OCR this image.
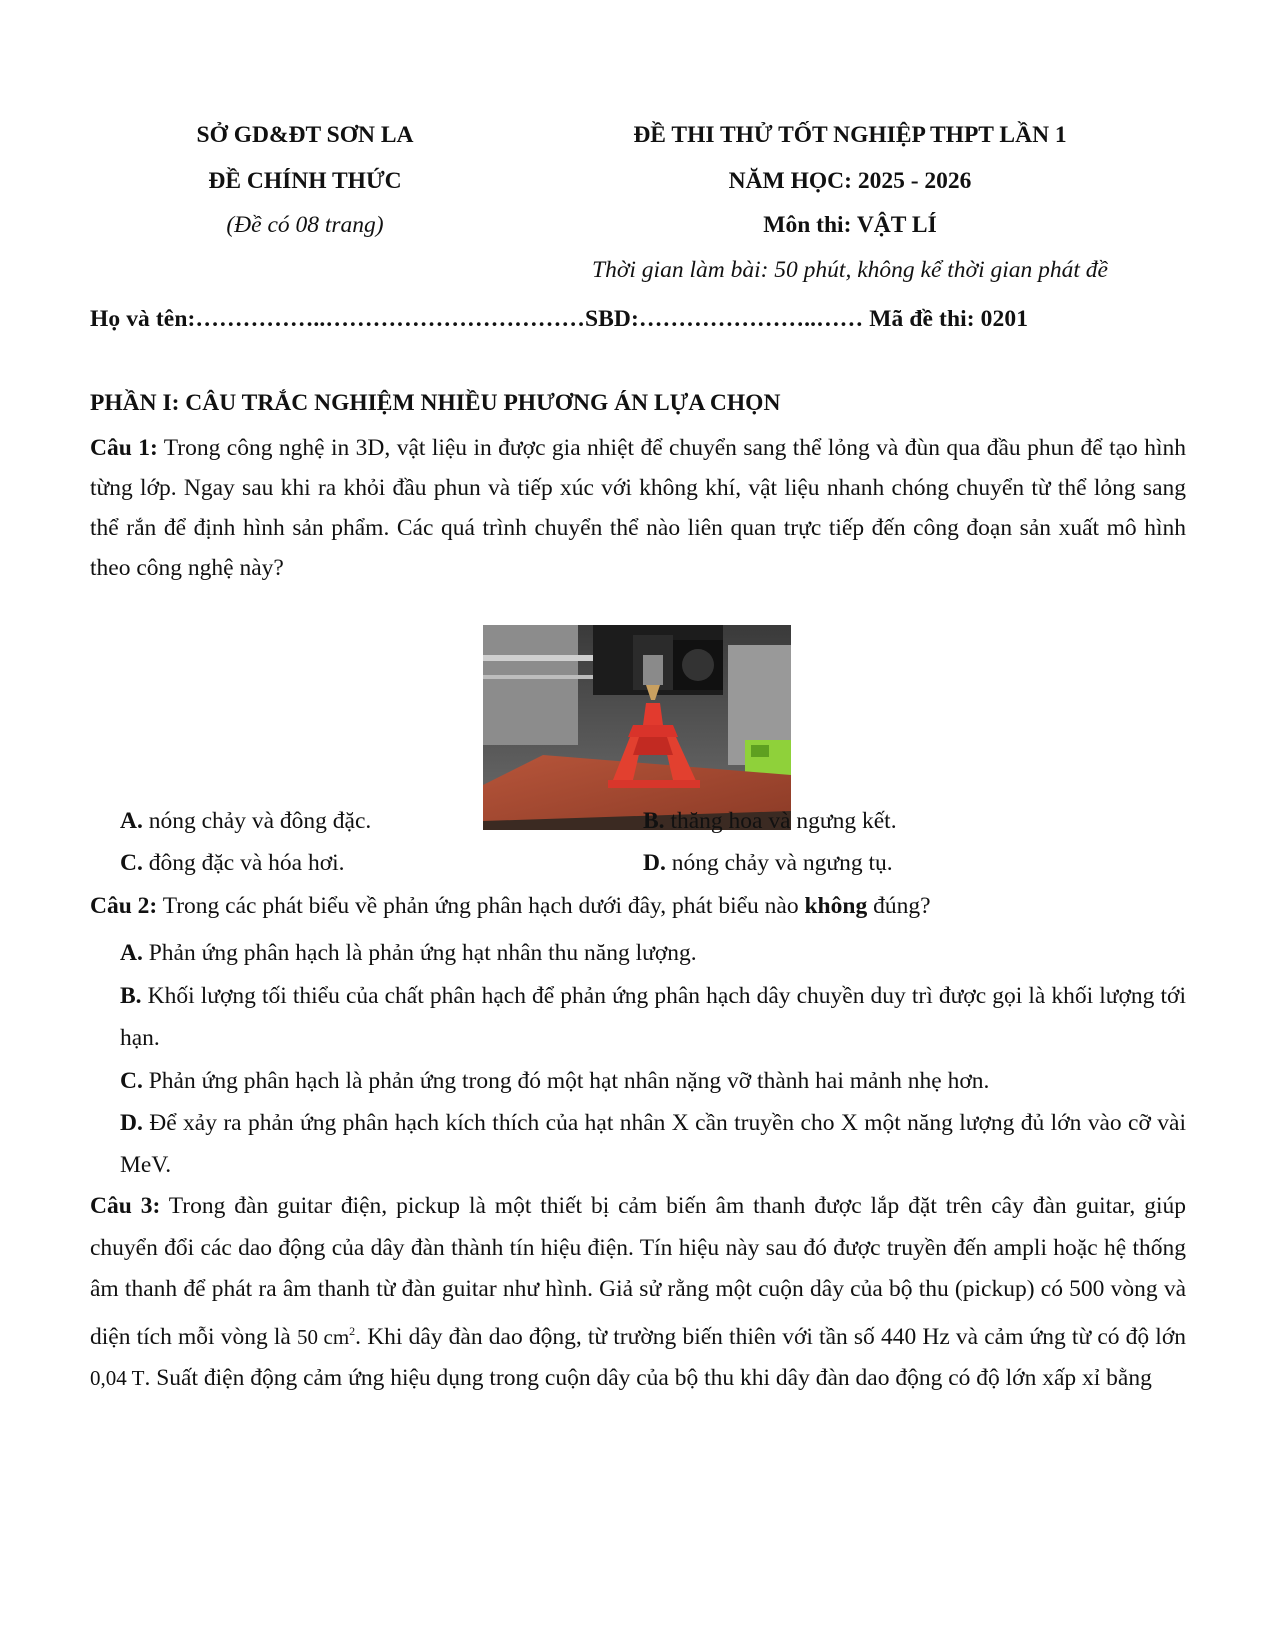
SỞ GD&ĐT SƠN LA
ĐỀ CHÍNH THỨC
(Đề có 08 trang)
ĐỀ THI THỬ TỐT NGHIỆP THPT LẦN 1
NĂM HỌC: 2025 - 2026
Môn thi: VẬT LÍ
Thời gian làm bài: 50 phút, không kể thời gian phát đề
Họ và tên:……………..……………………………SBD:…………………..…… Mã đề thi: 0201
PHẦN I: CÂU TRẮC NGHIỆM NHIỀU PHƯƠNG ÁN LỰA CHỌN
Câu 1: Trong công nghệ in 3D, vật liệu in được gia nhiệt để chuyển sang thể lỏng và đùn qua đầu phun để tạo hình từng lớp. Ngay sau khi ra khỏi đầu phun và tiếp xúc với không khí, vật liệu nhanh chóng chuyển từ thể lỏng sang thể rắn để định hình sản phẩm. Các quá trình chuyển thể nào liên quan trực tiếp đến công đoạn sản xuất mô hình theo công nghệ này?
A. nóng chảy và đông đặc.	B. thăng hoa và ngưng kết.
C. đông đặc và hóa hơi.	D. nóng chảy và ngưng tụ.
Câu 2: Trong các phát biểu về phản ứng phân hạch dưới đây, phát biểu nào không đúng?
A. Phản ứng phân hạch là phản ứng hạt nhân thu năng lượng.
B. Khối lượng tối thiểu của chất phân hạch để phản ứng phân hạch dây chuyền duy trì được gọi là khối lượng tới hạn.
C. Phản ứng phân hạch là phản ứng trong đó một hạt nhân nặng vỡ thành hai mảnh nhẹ hơn.
D. Để xảy ra phản ứng phân hạch kích thích của hạt nhân X cần truyền cho X một năng lượng đủ lớn vào cỡ vài MeV.
Câu 3: Trong đàn guitar điện, pickup là một thiết bị cảm biến âm thanh được lắp đặt trên cây đàn guitar, giúp chuyển đổi các dao động của dây đàn thành tín hiệu điện. Tín hiệu này sau đó được truyền đến ampli hoặc hệ thống âm thanh để phát ra âm thanh từ đàn guitar như hình. Giả sử rằng một cuộn dây của bộ thu (pickup) có 500 vòng và diện tích mỗi vòng là 50 $cm^2$. Khi dây đàn dao động, từ trường biến thiên với tần số 440 Hz và cảm ứng từ có độ lớn 0,04 T. Suất điện động cảm ứng hiệu dụng trong cuộn dây của bộ thu khi dây đàn dao động có độ lớn xấp xỉ bằng
